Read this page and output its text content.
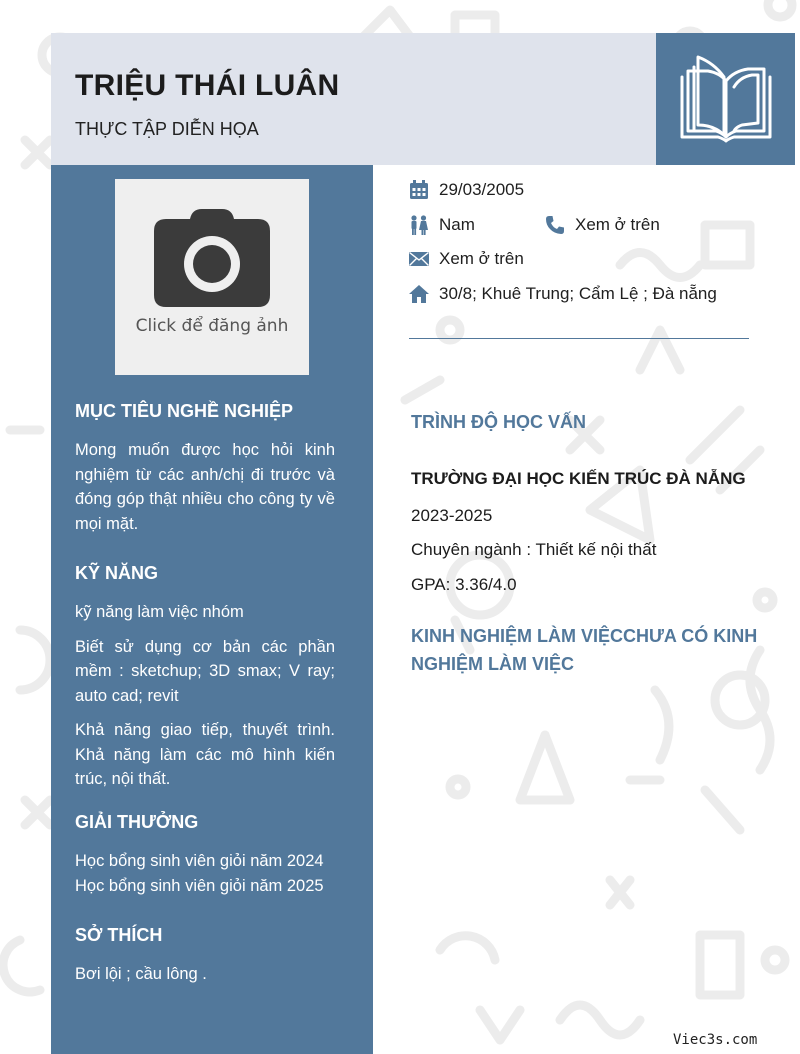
TRIỆU THÁI LUÂN
THỰC TẬP DIỄN HỌA
Click để đăng ảnh
MỤC TIÊU NGHỀ NGHIỆP
Mong muốn được học hỏi kinh nghiệm từ các anh/chị đi trước và đóng góp thật nhiều cho công ty về mọi mặt.
KỸ NĂNG
kỹ năng làm việc nhóm
Biết sử dụng cơ bản các phần mềm : sketchup; 3D smax; V ray; auto cad; revit
Khả năng giao tiếp, thuyết trình. Khả năng làm các mô hình kiến trúc, nội thất.
GIẢI THƯỞNG
Học bổng sinh viên giỏi năm 2024
Học bổng sinh viên giỏi năm 2025
SỞ THÍCH
Bơi lội ; cầu lông .
29/03/2005
Nam	Xem ở trên
Xem ở trên
30/8; Khuê Trung; Cẩm Lệ ; Đà nẵng
TRÌNH ĐỘ HỌC VẤN
TRƯỜNG ĐẠI HỌC KIẾN TRÚC ĐÀ NẴNG
2023-2025
Chuyên ngành : Thiết kế nội thất
GPA: 3.36/4.0
KINH NGHIỆM LÀM VIỆCCHƯA CÓ KINH
NGHIỆM LÀM VIỆC
Viec3s.com
